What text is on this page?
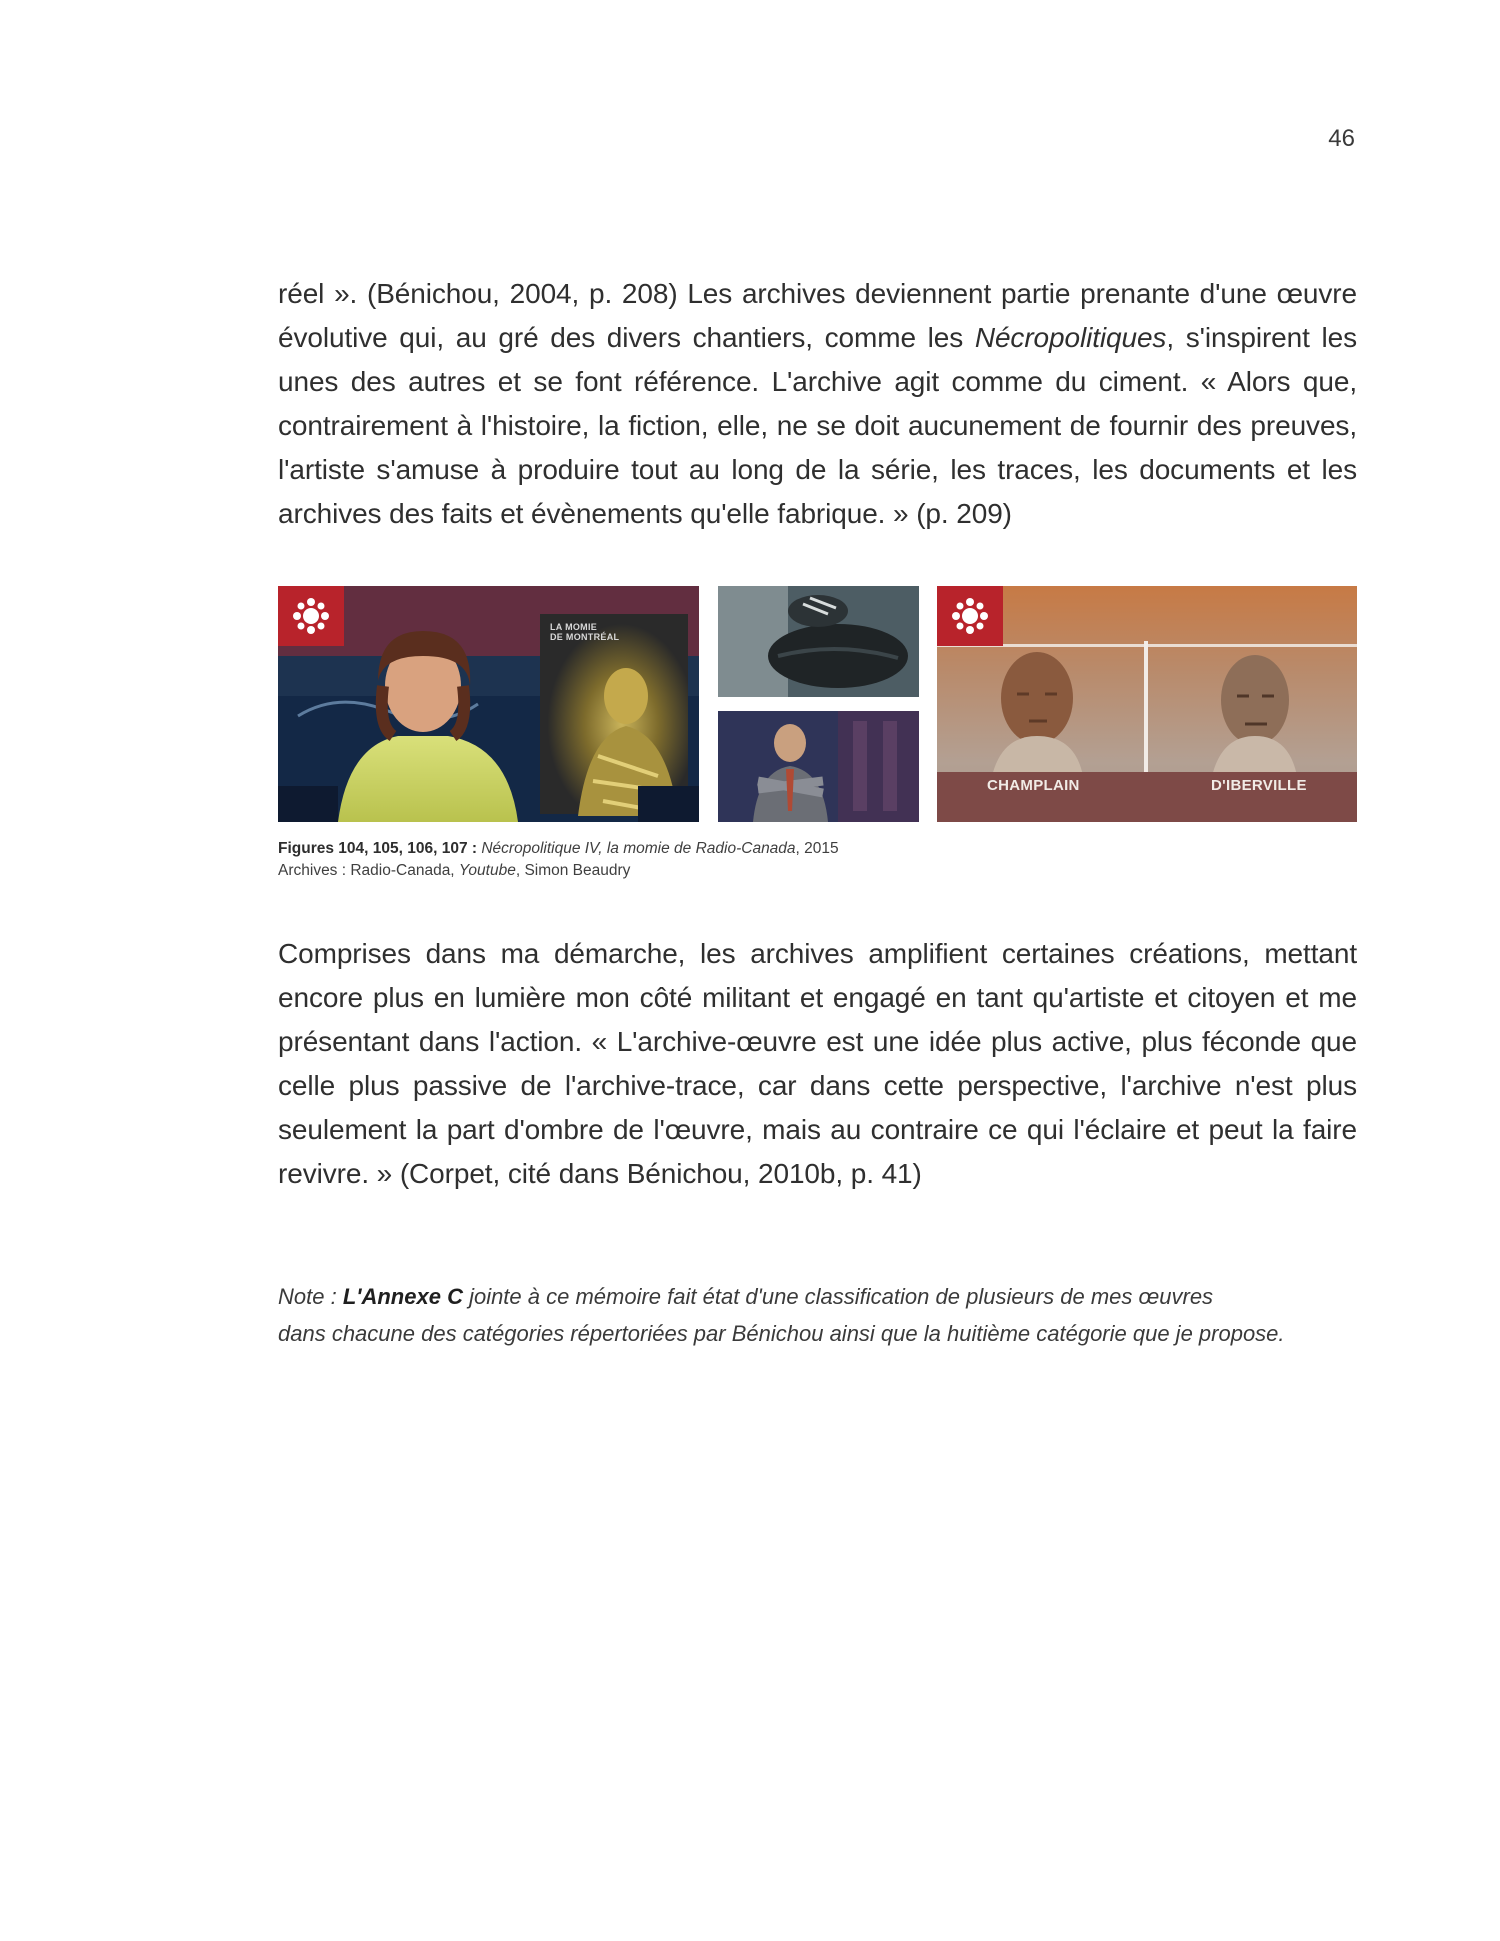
46

réel ». (Bénichou, 2004, p. 208) Les archives deviennent partie prenante d'une œuvre évolutive qui, au gré des divers chantiers, comme les Nécropolitiques, s'inspirent les unes des autres et se font référence. L'archive agit comme du ciment. « Alors que, contrairement à l'histoire, la fiction, elle, ne se doit aucunement de fournir des preuves, l'artiste s'amuse à produire tout au long de la série, les traces, les documents et les archives des faits et évènements qu'elle fabrique. » (p. 209)

LA MOMIE
DE MONTRÉAL
CHAMPLAIN	D'IBERVILLE
Figures 104, 105, 106, 107 : Nécropolitique IV, la momie de Radio-Canada, 2015
Archives : Radio-Canada, Youtube, Simon Beaudry

Comprises dans ma démarche, les archives amplifient certaines créations, mettant encore plus en lumière mon côté militant et engagé en tant qu'artiste et citoyen et me présentant dans l'action. « L'archive-œuvre est une idée plus active, plus féconde que celle plus passive de l'archive-trace, car dans cette perspective, l'archive n'est plus seulement la part d'ombre de l'œuvre, mais au contraire ce qui l'éclaire et peut la faire revivre. » (Corpet, cité dans Bénichou, 2010b, p. 41)

Note : L'Annexe C jointe à ce mémoire fait état d'une classification de plusieurs de mes œuvres
dans chacune des catégories répertoriées par Bénichou ainsi que la huitième catégorie que je propose.
